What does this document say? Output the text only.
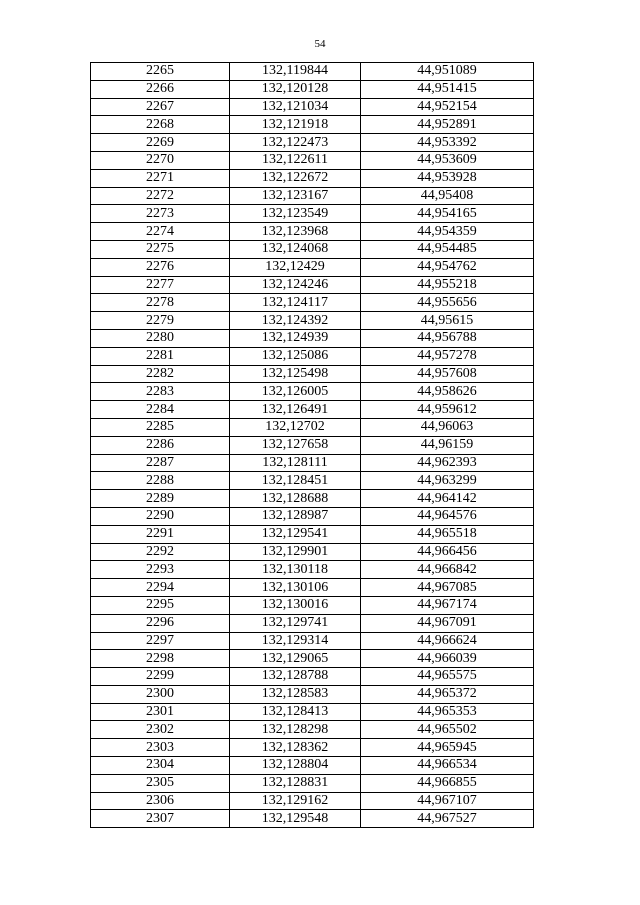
54
2265	132,119844	44,951089
2266	132,120128	44,951415
2267	132,121034	44,952154
2268	132,121918	44,952891
2269	132,122473	44,953392
2270	132,122611	44,953609
2271	132,122672	44,953928
2272	132,123167	44,95408
2273	132,123549	44,954165
2274	132,123968	44,954359
2275	132,124068	44,954485
2276	132,12429	44,954762
2277	132,124246	44,955218
2278	132,124117	44,955656
2279	132,124392	44,95615
2280	132,124939	44,956788
2281	132,125086	44,957278
2282	132,125498	44,957608
2283	132,126005	44,958626
2284	132,126491	44,959612
2285	132,12702	44,96063
2286	132,127658	44,96159
2287	132,128111	44,962393
2288	132,128451	44,963299
2289	132,128688	44,964142
2290	132,128987	44,964576
2291	132,129541	44,965518
2292	132,129901	44,966456
2293	132,130118	44,966842
2294	132,130106	44,967085
2295	132,130016	44,967174
2296	132,129741	44,967091
2297	132,129314	44,966624
2298	132,129065	44,966039
2299	132,128788	44,965575
2300	132,128583	44,965372
2301	132,128413	44,965353
2302	132,128298	44,965502
2303	132,128362	44,965945
2304	132,128804	44,966534
2305	132,128831	44,966855
2306	132,129162	44,967107
2307	132,129548	44,967527
